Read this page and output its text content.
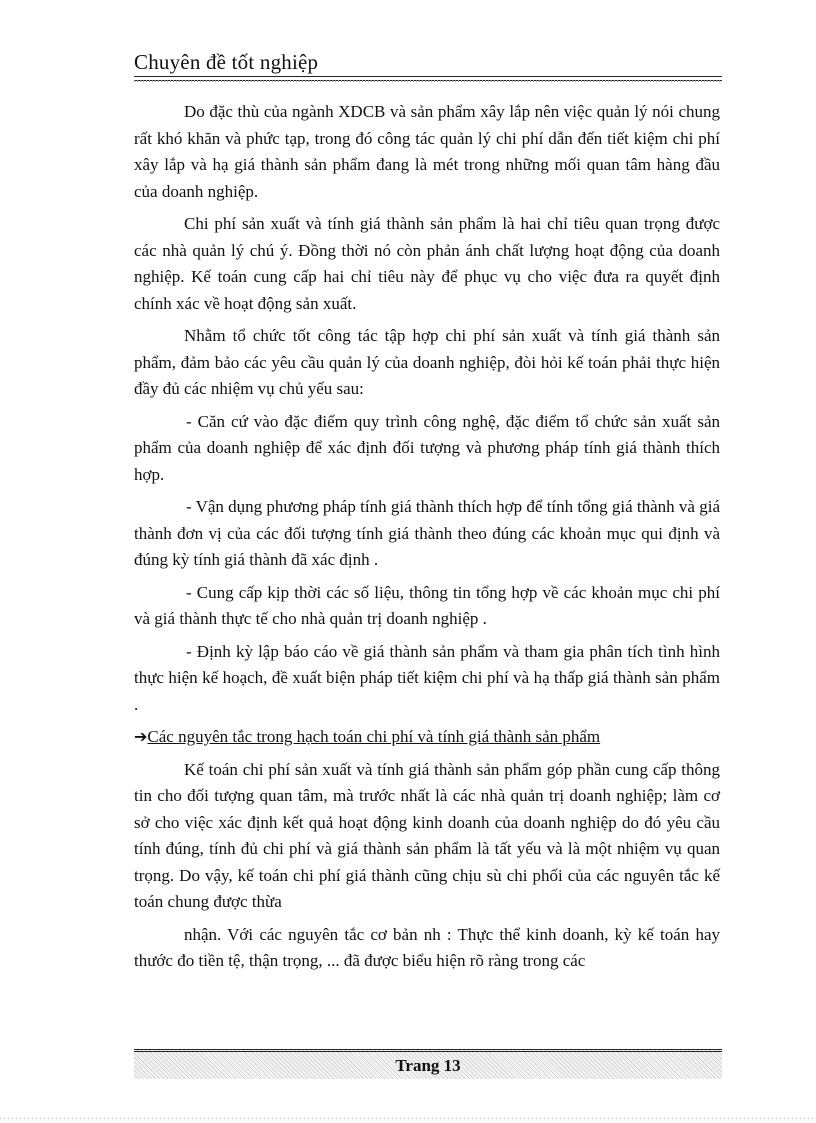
Chuyên đề tốt nghiệp

Do đặc thù của ngành XDCB và sản phẩm xây lắp nên việc quản lý nói chung rất khó khăn và phức tạp, trong đó công tác quản lý chi phí dẫn đến tiết kiệm chi phí xây lắp và hạ giá thành sản phẩm đang là mét trong những mối quan tâm hàng đầu của doanh nghiệp.

Chi phí sản xuất và tính giá thành sản phẩm là hai chỉ tiêu quan trọng được các nhà quản lý chú ý. Đồng thời nó còn phản ánh chất lượng hoạt động của doanh nghiệp. Kế toán cung cấp hai chỉ tiêu này để phục vụ cho việc đưa ra quyết định chính xác về hoạt động sản xuất.

Nhằm tổ chức tốt công tác tập hợp chi phí sản xuất và tính giá thành sản phẩm, đảm bảo các yêu cầu quản lý của doanh nghiệp, đòi hỏi kế toán phải thực hiện đầy đủ các nhiệm vụ chủ yếu sau:

- Căn cứ vào đặc điểm quy trình công nghệ, đặc điểm tổ chức sản xuất sản phẩm của doanh nghiệp để xác định đối tượng và phương pháp tính giá thành thích hợp.

- Vận dụng phương pháp tính giá thành thích hợp để tính tổng giá thành và giá thành đơn vị của các đối tượng tính giá thành theo đúng các khoản mục qui định và đúng kỳ tính giá thành đã xác định .

- Cung cấp kịp thời các số liệu, thông tin tổng hợp về các khoản mục chi phí và giá thành thực tế cho nhà quản trị doanh nghiệp .

- Định kỳ lập báo cáo về giá thành sản phẩm và tham gia phân tích tình hình thực hiện kế hoạch, đề xuất biện pháp tiết kiệm chi phí và hạ thấp giá thành sản phẩm .

➔Các nguyên tắc trong hạch toán chi phí và tính giá thành sản phẩm

Kế toán chi phí sản xuất và tính giá thành sản phẩm góp phần cung cấp thông tin cho đối tượng quan tâm, mà trước nhất là các nhà quản trị doanh nghiệp; làm cơ sở cho việc xác định kết quả hoạt động kinh doanh của doanh nghiệp do đó yêu cầu tính đúng, tính đủ chi phí và giá thành sản phẩm là tất yếu và là một nhiệm vụ quan trọng. Do vậy, kế toán chi phí giá thành cũng chịu sù chi phối của các nguyên tắc kế toán chung được thừa

nhận. Với các nguyên tắc cơ bản nh : Thực thể kinh doanh, kỳ kế toán hay thước đo tiền tệ, thận trọng, ... đã được biểu hiện rõ ràng trong các

Trang 13
